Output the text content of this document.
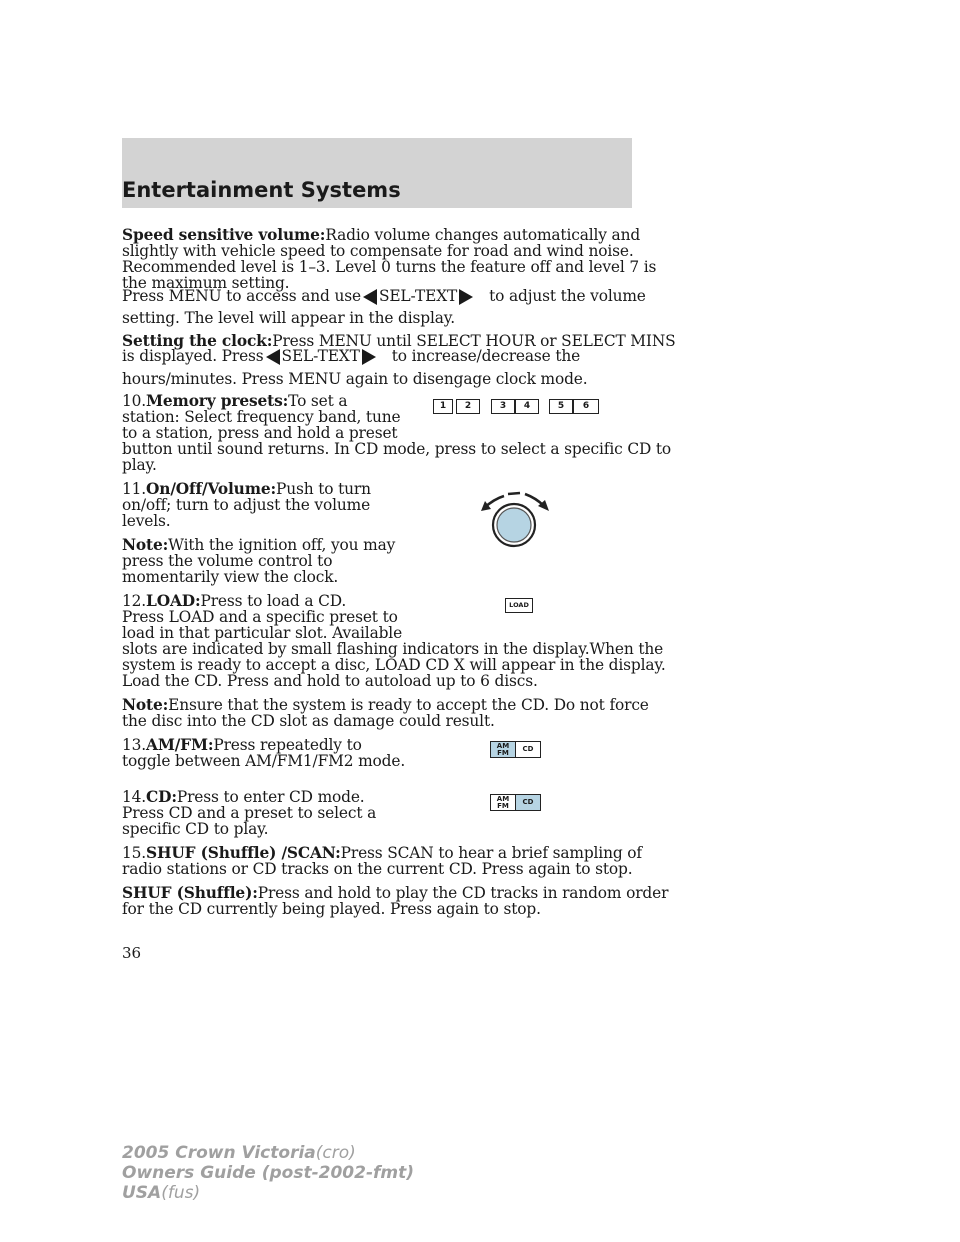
Entertainment Systems
Speed sensitive volume:Radio volume changes automatically and
slightly with vehicle speed to compensate for road and wind noise.
Recommended level is 1–3. Level 0 turns the feature off and level 7 is
the maximum setting.
Press MENU to access and use SEL-TEXT to adjust the volume
setting. The level will appear in the display.
Setting the clock:Press MENU until SELECT HOUR or SELECT MINS
is displayed. Press SEL-TEXT to increase/decrease the
hours/minutes. Press MENU again to disengage clock mode.
10.Memory presets:To set a
station: Select frequency band, tune
to a station, press and hold a preset
button until sound returns. In CD mode, press to select a specific CD to
play.
1	2	3	4	5	6
11.On/Off/Volume:Push to turn
on/off; turn to adjust the volume
levels.
Note:With the ignition off, you may
press the volume control to
momentarily view the clock.
12.LOAD:Press to load a CD.
Press LOAD and a specific preset to
load in that particular slot. Available
slots are indicated by small flashing indicators in the display.When the
system is ready to accept a disc, LOAD CD X will appear in the display.
Load the CD. Press and hold to autoload up to 6 discs.
LOAD
Note:Ensure that the system is ready to accept the CD. Do not force
the disc into the CD slot as damage could result.
13.AM/FM:Press repeatedly to
toggle between AM/FM1/FM2 mode.
AM
FM	CD
14.CD:Press to enter CD mode.
Press CD and a preset to select a
specific CD to play.
AM
FM	CD
15.SHUF (Shuffle) /SCAN:Press SCAN to hear a brief sampling of
radio stations or CD tracks on the current CD. Press again to stop.
SHUF (Shuffle):Press and hold to play the CD tracks in random order
for the CD currently being played. Press again to stop.
36
2005 Crown Victoria(cro)
Owners Guide (post-2002-fmt)
USA(fus)
